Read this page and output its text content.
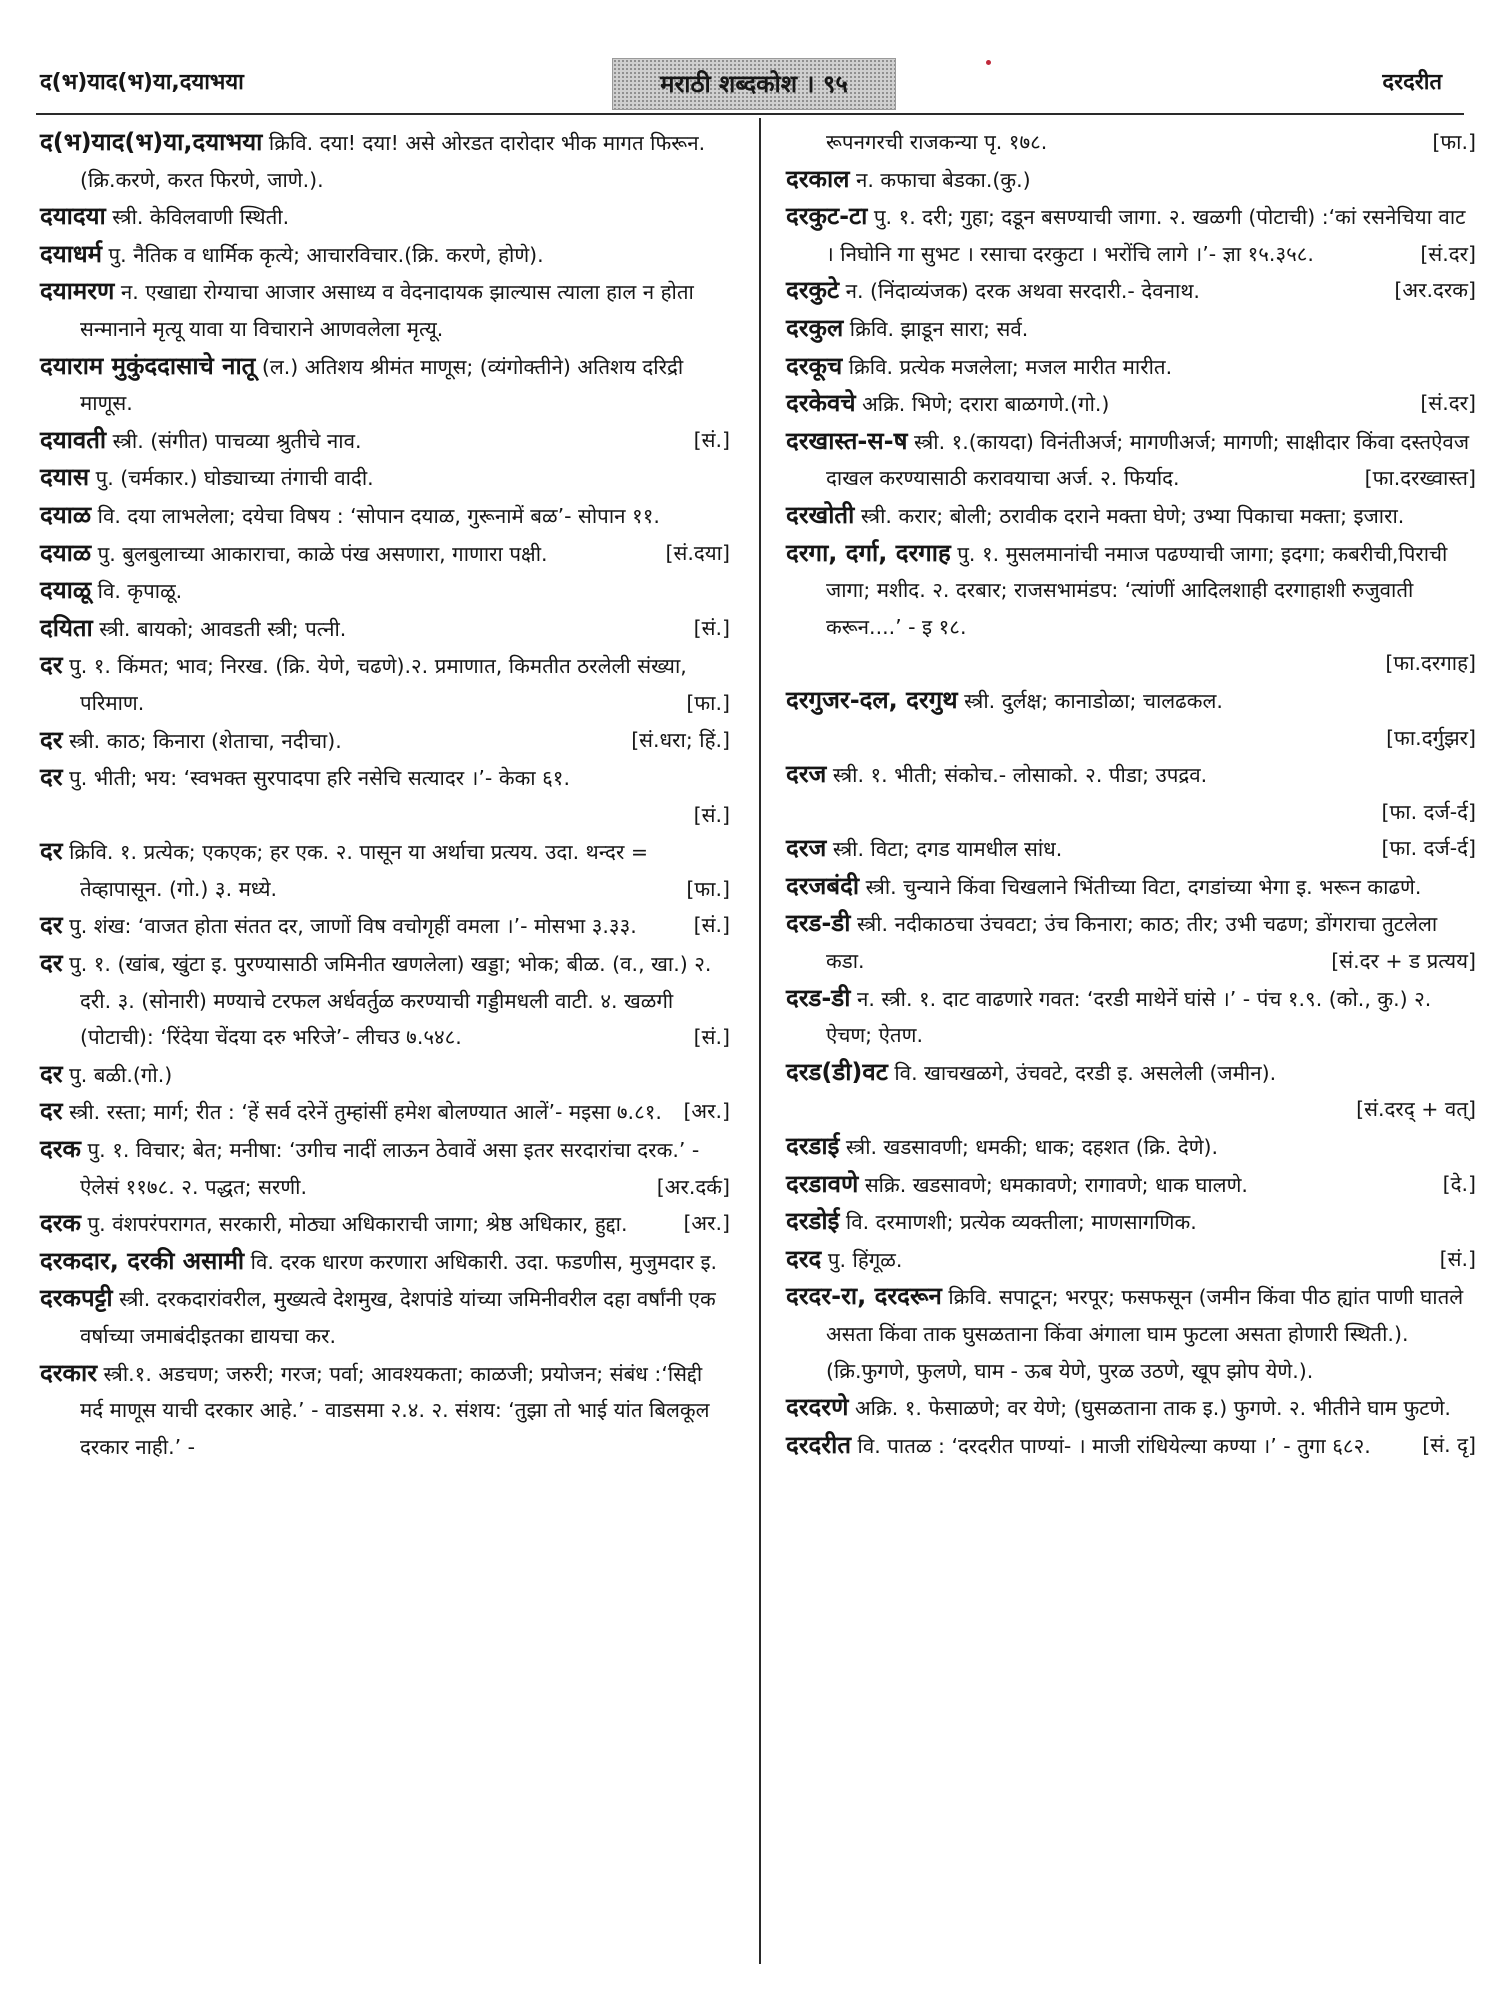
द(भ)याद(भ)या,दयाभया	मराठी शब्दकोश । ९५	दरदरीत

द(भ)याद(भ)या,दयाभया क्रिवि. दया! दया! असे ओरडत दारोदार भीक मागत फिरून. (क्रि.करणे, करत फिरणे, जाणे.).

दयादया स्त्री. केविलवाणी स्थिती.

दयाधर्म पु. नैतिक व धार्मिक कृत्ये; आचारविचार.(क्रि. करणे, होणे).

दयामरण न. एखाद्या रोग्याचा आजार असाध्य व वेदनादायक झाल्यास त्याला हाल न होता सन्मानाने मृत्यू यावा या विचाराने आणवलेला मृत्यू.

दयाराम मुकुंददासाचे नातू (ल.) अतिशय श्रीमंत माणूस; (व्यंगोक्तीने) अतिशय दरिद्री माणूस.

दयावती स्त्री. (संगीत) पाचव्या श्रुतीचे नाव.	[सं.]

दयास पु. (चर्मकार.) घोड्याच्या तंगाची वादी.

दयाळ वि. दया लाभलेला; दयेचा विषय : ‘सोपान दयाळ, गुरूनामें बळ’- सोपान ११.
[सं.दया]

दयाळ पु. बुलबुलाच्या आकाराचा, काळे पंख असणारा, गाणारा पक्षी.

दयाळू वि. कृपाळू.

दयिता स्त्री. बायको; आवडती स्त्री; पत्नी.	[सं.]

दर पु. १. किंमत; भाव; निरख. (क्रि. येणे, चढणे).२. प्रमाणात, किमतीत ठरलेली संख्या, परिमाण.	[फा.]

दर स्त्री. काठ; किनारा (शेताचा, नदीचा).	[सं.धरा; हिं.]

दर पु. भीती; भय: ‘स्वभक्त सुरपादपा हरि नसेचि सत्यादर ।’- केका ६१.
[सं.]

दर क्रिवि. १. प्रत्येक; एकएक; हर एक. २. पासून या अर्थाचा प्रत्यय. उदा. थन्दर = तेव्हापासून. (गो.) ३. मध्ये.	[फा.]

दर पु. शंख: ‘वाजत होता संतत दर, जाणों विष वचोगृहीं वमला ।’- मोसभा ३.३३.	[सं.]

दर पु. १. (खांब, खुंटा इ. पुरण्यासाठी जमिनीत खणलेला) खड्डा; भोक; बीळ. (व., खा.) २. दरी. ३. (सोनारी) मण्याचे टरफल अर्धवर्तुळ करण्याची गड्डीमधली वाटी. ४. खळगी (पोटाची): ‘रिंदेया चेंदया दरु भरिजे’- लीचउ ७.५४८.	[सं.]

दर पु. बळी.(गो.)

दर स्त्री. रस्ता; मार्ग; रीत : ‘हें सर्व दरेनें तुम्हांसीं हमेश बोलण्यात आलें’- मइसा ७.८१.	[अर.]

दरक पु. १. विचार; बेत; मनीषा: ‘उगीच नादीं लाऊन ठेवावें असा इतर सरदारांचा दरक.’ - ऐलेसं ११७८. २. पद्धत; सरणी.	[अर.दर्क]

दरक पु. वंशपरंपरागत, सरकारी, मोठ्या अधिकाराची जागा; श्रेष्ठ अधिकार, हुद्दा.	[अर.]

दरकदार, दरकी असामी वि. दरक धारण करणारा अधिकारी. उदा. फडणीस, मुजुमदार इ.

दरकपट्टी स्त्री. दरकदारांवरील, मुख्यत्वे देशमुख, देशपांडे यांच्या जमिनीवरील दहा वर्षांनी एक वर्षाच्या जमाबंदीइतका द्यायचा कर.

दरकार स्त्री.१. अडचण; जरुरी; गरज; पर्वा; आवश्यकता; काळजी; प्रयोजन; संबंध :‘सिद्दी मर्द माणूस याची दरकार आहे.’ - वाडसमा २.४. २. संशय: ‘तुझा तो भाई यांत बिलकूल दरकार नाही.’ -

रूपनगरची राजकन्या पृ. १७८.	[फा.]

दरकाल न. कफाचा बेडका.(कु.)

दरकुट-टा पु. १. दरी; गुहा; दडून बसण्याची जागा. २. खळगी (पोटाची) :‘कां रसनेचिया वाट । निघोनि गा सुभट । रसाचा दरकुटा । भरोंचि लागे ।’- ज्ञा १५.३५८.	[सं.दर]

दरकुटे न. (निंदाव्यंजक) दरक अथवा सरदारी.- देवनाथ.	[अर.दरक]

दरकुल क्रिवि. झाडून सारा; सर्व.

दरकूच क्रिवि. प्रत्येक मजलेला; मजल मारीत मारीत.

दरकेवचे अक्रि. भिणे; दरारा बाळगणे.(गो.)	[सं.दर]

दरखास्त-स-ष स्त्री. १.(कायदा) विनंतीअर्ज; मागणीअर्ज; मागणी; साक्षीदार किंवा दस्तऐवज दाखल करण्यासाठी करावयाचा अर्ज. २. फिर्याद.	[फा.दरख्वास्त]

दरखोती स्त्री. करार; बोली; ठरावीक दराने मक्ता घेणे; उभ्या पिकाचा मक्ता; इजारा.

दरगा, दर्गा, दरगाह पु. १. मुसलमानांची नमाज पढण्याची जागा; इदगा; कबरीची,पिराची जागा; मशीद. २. दरबार; राजसभामंडप: ‘त्यांणीं आदिलशाही दरगाहाशी रुजुवाती करून....’ - इ १८.
[फा.दरगाह]

दरगुजर-दल, दरगुथ स्त्री. दुर्लक्ष; कानाडोळा; चालढकल.
[फा.दर्गुझर]

दरज स्त्री. १. भीती; संकोच.- लोसाको. २. पीडा; उपद्रव.
[फा. दर्ज-र्द]

दरज स्त्री. विटा; दगड यामधील सांध.	[फा. दर्ज-र्द]

दरजबंदी स्त्री. चुन्याने किंवा चिखलाने भिंतीच्या विटा, दगडांच्या भेगा इ. भरून काढणे.

दरड-डी स्त्री. नदीकाठचा उंचवटा; उंच किनारा; काठ; तीर; उभी चढण; डोंगराचा तुटलेला कडा.	[सं.दर + ड प्रत्यय]

दरड-डी न. स्त्री. १. दाट वाढणारे गवत: ‘दरडी माथेनें घांसे ।’ - पंच १.९. (को., कु.) २. ऐचण; ऐतण.

दरड(डी)वट वि. खाचखळगे, उंचवटे, दरडी इ. असलेली (जमीन).
[सं.दरद् + वत्]

दरडाई स्त्री. खडसावणी; धमकी; धाक; दहशत (क्रि. देणे).

दरडावणे सक्रि. खडसावणे; धमकावणे; रागावणे; धाक घालणे.	[दे.]

दरडोई वि. दरमाणशी; प्रत्येक व्यक्तीला; माणसागणिक.

दरद पु. हिंगूळ.	[सं.]

दरदर-रा, दरदरून क्रिवि. सपाटून; भरपूर; फसफसून (जमीन किंवा पीठ ह्यांत पाणी घातले असता किंवा ताक घुसळताना किंवा अंगाला घाम फुटला असता होणारी स्थिती.). (क्रि.फुगणे, फुलणे, घाम - ऊब येणे, पुरळ उठणे, खूप झोप येणे.).

दरदरणे अक्रि. १. फेसाळणे; वर येणे; (घुसळताना ताक इ.) फुगणे. २. भीतीने घाम फुटणे.
[सं. दृ]

दरदरीत वि. पातळ : ‘दरदरीत पाण्यां- । माजी रांधियेल्या कण्या ।’ - तुगा ६८२.
